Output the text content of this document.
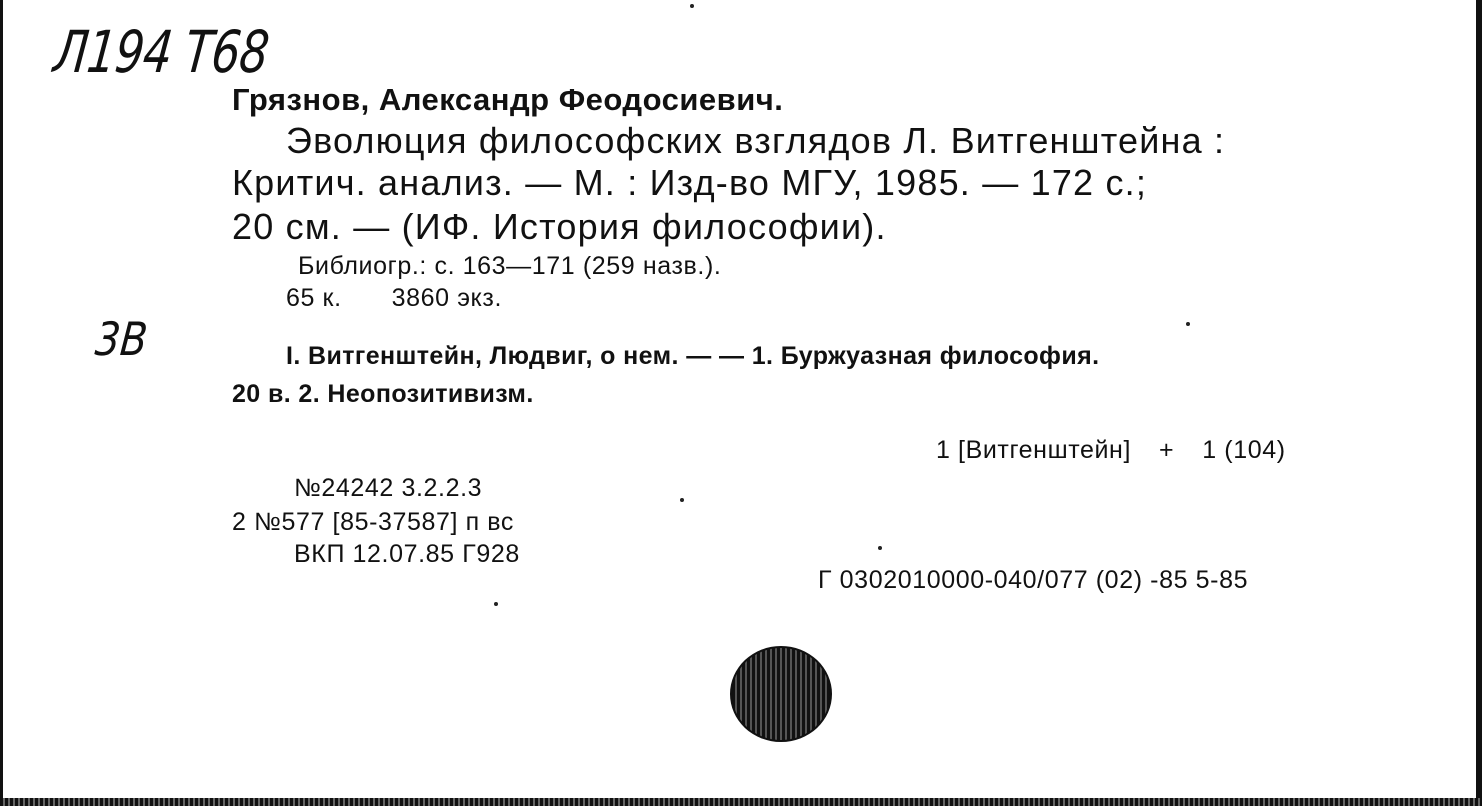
Л194 Т68
3В
Грязнов, Александр Феодосиевич.
Эволюция философских взглядов Л. Витгенштейна :
Критич. анализ. — М. : Изд-во МГУ, 1985. — 172 с.;
20 см. — (ИФ. История философии).
Библиогр.: с. 163—171 (259 назв.).
65 к. 3860 экз.
I. Витгенштейн, Людвиг, о нем. — — 1. Буржуазная философия.
20 в. 2. Неопозитивизм.
1 [Витгенштейн] + 1 (104)
№24242 3.2.2.3
2 №577 [85-37587] п вс
ВКП 12.07.85 Г928
Г 0302010000-040/077 (02) -85 5-85
